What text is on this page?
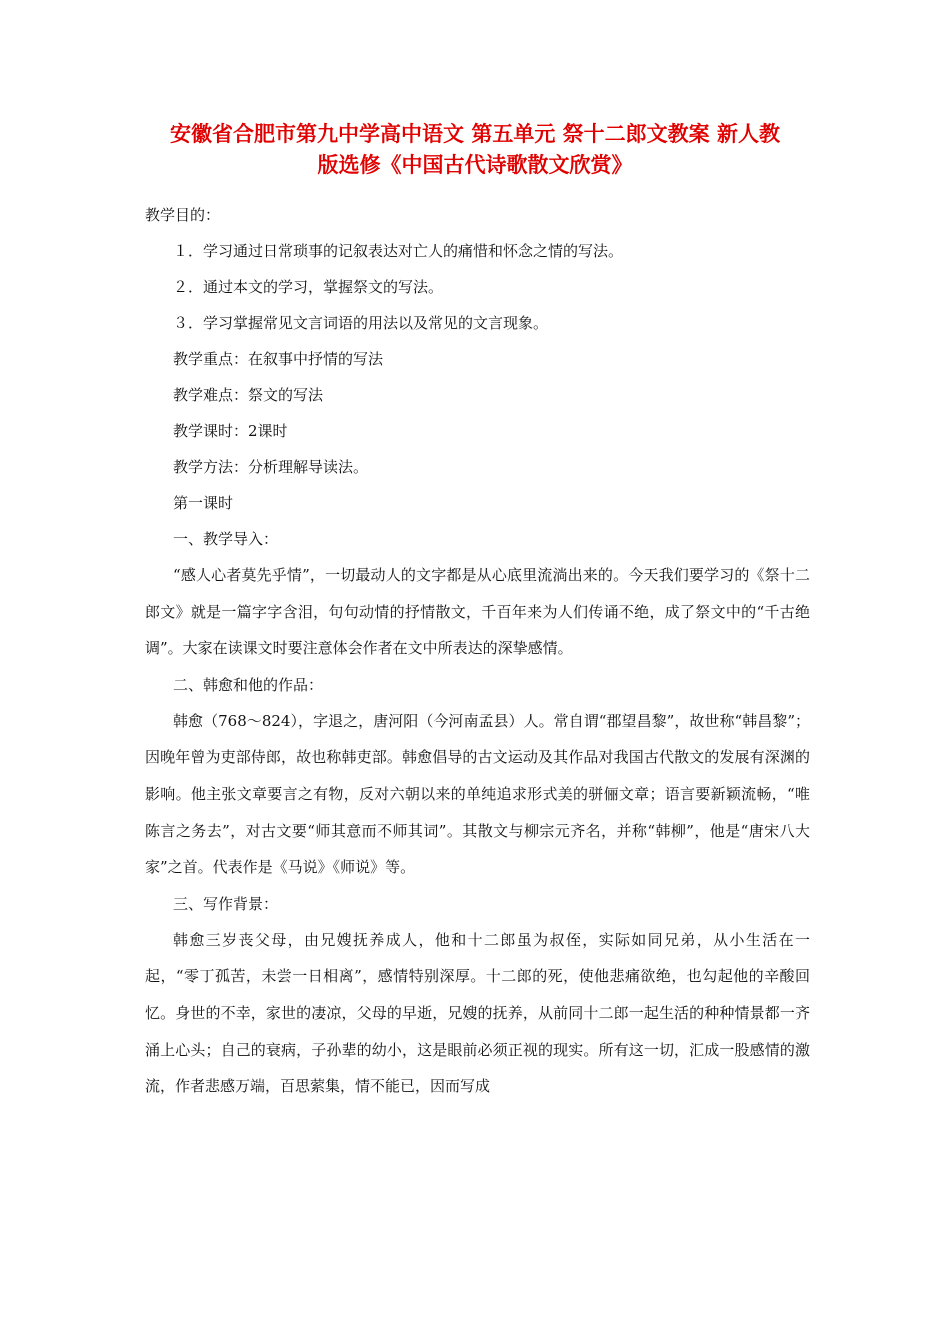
安徽省合肥市第九中学高中语文 第五单元 祭十二郎文教案 新人教
版选修《中国古代诗歌散文欣赏》

教学目的：

１．学习通过日常琐事的记叙表达对亡人的痛惜和怀念之情的写法。

２．通过本文的学习，掌握祭文的写法。

３．学习掌握常见文言词语的用法以及常见的文言现象。

教学重点：在叙事中抒情的写法

教学难点：祭文的写法

教学课时：2课时

教学方法：分析理解导读法。

第一课时

一、教学导入：

“感人心者莫先乎情”，一切最动人的文字都是从心底里流淌出来的。今天我们要学习的《祭十二郎文》就是一篇字字含泪，句句动情的抒情散文，千百年来为人们传诵不绝，成了祭文中的“千古绝调”。大家在读课文时要注意体会作者在文中所表达的深挚感情。

二、韩愈和他的作品：

韩愈（768～824），字退之，唐河阳（今河南孟县）人。常自谓“郡望昌黎”，故世称“韩昌黎”；因晚年曾为吏部侍郎，故也称韩吏部。韩愈倡导的古文运动及其作品对我国古代散文的发展有深渊的影响。他主张文章要言之有物，反对六朝以来的单纯追求形式美的骈俪文章；语言要新颖流畅，“唯陈言之务去”，对古文要“师其意而不师其词”。其散文与柳宗元齐名，并称“韩柳”，他是“唐宋八大家”之首。代表作是《马说》《师说》等。

三、写作背景：

韩愈三岁丧父母，由兄嫂抚养成人，他和十二郎虽为叔侄，实际如同兄弟，从小生活在一 起，“零丁孤苦，未尝一日相离”，感情特别深厚。十二郎的死，使他悲痛欲绝，也勾起他的辛酸回忆。身世的不幸，家世的凄凉，父母的早逝，兄嫂的抚养，从前同十二郎一起生活的种种情景都一齐涌上心头；自己的衰病，子孙辈的幼小，这是眼前必须正视的现实。所有这一切，汇成一股感情的激流，作者悲感万端，百思萦集，情不能已，因而写成
